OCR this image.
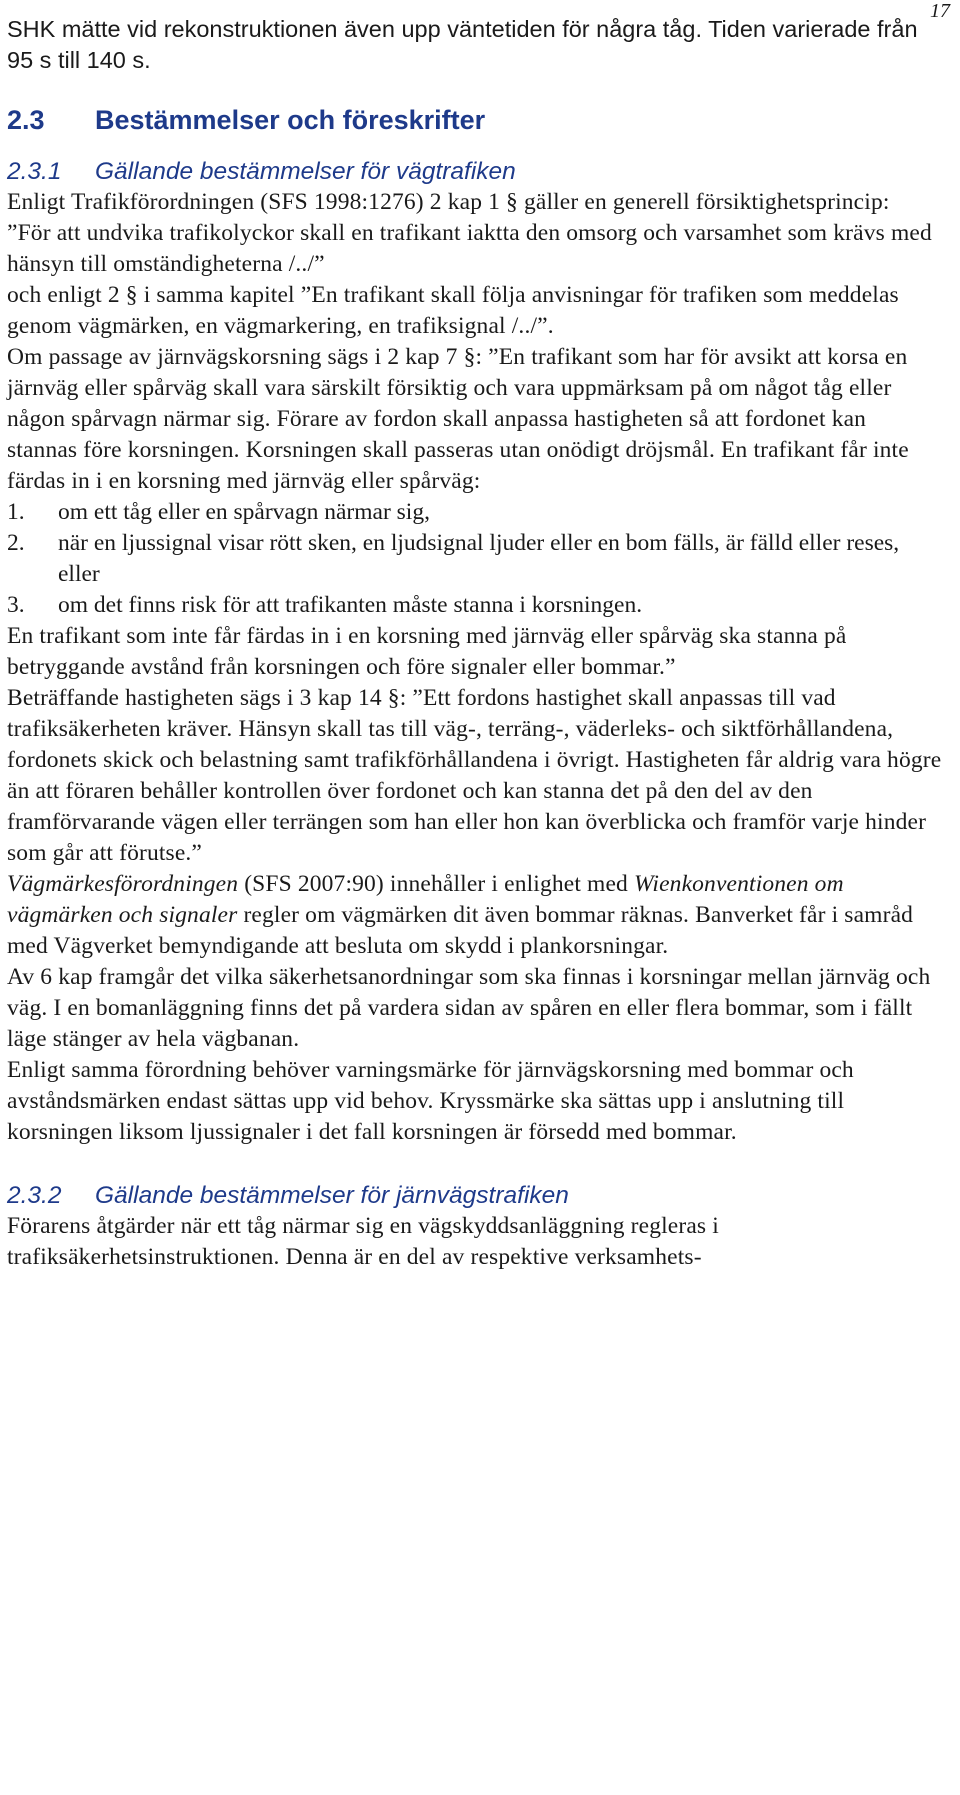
17

SHK mätte vid rekonstruktionen även upp väntetiden för några tåg. Tiden varierade från 95 s till 140 s.

2.3	Bestämmelser och föreskrifter
2.3.1	Gällande bestämmelser för vägtrafiken

Enligt Trafikförordningen (SFS 1998:1276) 2 kap 1 § gäller en generell försiktighetsprincip:

”För att undvika trafikolyckor skall en trafikant iaktta den omsorg och varsamhet som krävs med hänsyn till omständigheterna /../”

och enligt 2 § i samma kapitel ”En trafikant skall följa anvisningar för trafiken som meddelas genom vägmärken, en vägmarkering, en trafiksignal /../”.

Om passage av järnvägskorsning sägs i 2 kap 7 §: ”En trafikant som har för avsikt att korsa en järnväg eller spårväg skall vara särskilt försiktig och vara uppmärksam på om något tåg eller någon spårvagn närmar sig. Förare av fordon skall anpassa hastigheten så att fordonet kan stannas före korsningen. Korsningen skall passeras utan onödigt dröjsmål. En trafikant får inte färdas in i en korsning med järnväg eller spårväg:

1.	om ett tåg eller en spårvagn närmar sig,
2.	när en ljussignal visar rött sken, en ljudsignal ljuder eller en bom fälls, är fälld eller reses, eller
3.	om det finns risk för att trafikanten måste stanna i korsningen.

En trafikant som inte får färdas in i en korsning med järnväg eller spårväg ska stanna på betryggande avstånd från korsningen och före signaler eller bommar.”

Beträffande hastigheten sägs i 3 kap 14 §: ”Ett fordons hastighet skall anpassas till vad trafiksäkerheten kräver. Hänsyn skall tas till väg-, terräng-, väderleks- och siktförhållandena, fordonets skick och belastning samt trafikförhållandena i övrigt. Hastigheten får aldrig vara högre än att föraren behåller kontrollen över fordonet och kan stanna det på den del av den framförvarande vägen eller terrängen som han eller hon kan överblicka och framför varje hinder som går att förutse.”

Vägmärkesförordningen (SFS 2007:90) innehåller i enlighet med Wienkonventionen om vägmärken och signaler regler om vägmärken dit även bommar räknas. Banverket får i samråd med Vägverket bemyndigande att besluta om skydd i plankorsningar.

Av 6 kap framgår det vilka säkerhetsanordningar som ska finnas i korsningar mellan järnväg och väg. I en bomanläggning finns det på vardera sidan av spåren en eller flera bommar, som i fällt läge stänger av hela vägbanan.

Enligt samma förordning behöver varningsmärke för järnvägskorsning med bommar och avståndsmärken endast sättas upp vid behov. Kryssmärke ska sättas upp i anslutning till korsningen liksom ljussignaler i det fall korsningen är försedd med bommar.

2.3.2	Gällande bestämmelser för järnvägstrafiken

Förarens åtgärder när ett tåg närmar sig en vägskyddsanläggning regleras i trafiksäkerhetsinstruktionen. Denna är en del av respektive verksamhets-
